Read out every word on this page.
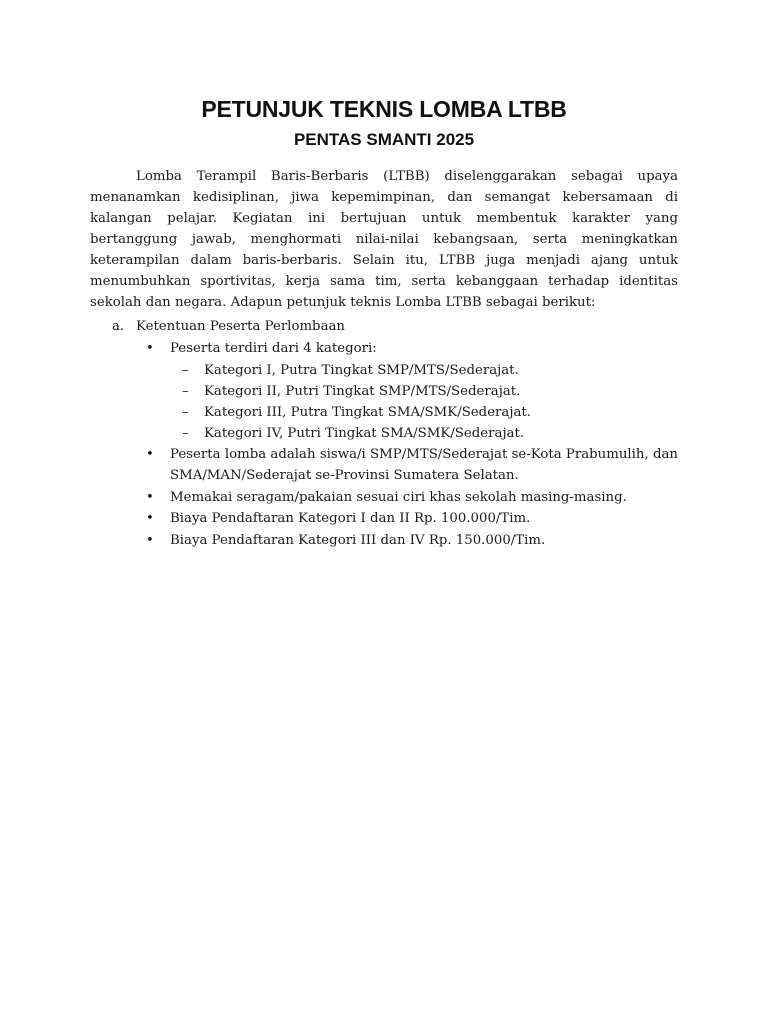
PETUNJUK TEKNIS LOMBA LTBB
PENTAS SMANTI 2025

Lomba Terampil Baris-Berbaris (LTBB) diselenggarakan sebagai upaya menanamkan kedisiplinan, jiwa kepemimpinan, dan semangat kebersamaan di kalangan pelajar. Kegiatan ini bertujuan untuk membentuk karakter yang bertanggung jawab, menghormati nilai-nilai kebangsaan, serta meningkatkan keterampilan dalam baris-berbaris. Selain itu, LTBB juga menjadi ajang untuk menumbuhkan sportivitas, kerja sama tim, serta kebanggaan terhadap identitas sekolah dan negara. Adapun petunjuk teknis Lomba LTBB sebagai berikut:

a. Ketentuan Peserta Perlombaan
• Peserta terdiri dari 4 kategori:
– Kategori I, Putra Tingkat SMP/MTS/Sederajat.
– Kategori II, Putri Tingkat SMP/MTS/Sederajat.
– Kategori III, Putra Tingkat SMA/SMK/Sederajat.
– Kategori IV, Putri Tingkat SMA/SMK/Sederajat.
• Peserta lomba adalah siswa/i SMP/MTS/Sederajat se-Kota Prabumulih, dan SMA/MAN/Sederajat se-Provinsi Sumatera Selatan.
• Memakai seragam/pakaian sesuai ciri khas sekolah masing-masing.
• Biaya Pendaftaran Kategori I dan II Rp. 100.000/Tim.
• Biaya Pendaftaran Kategori III dan IV Rp. 150.000/Tim.
